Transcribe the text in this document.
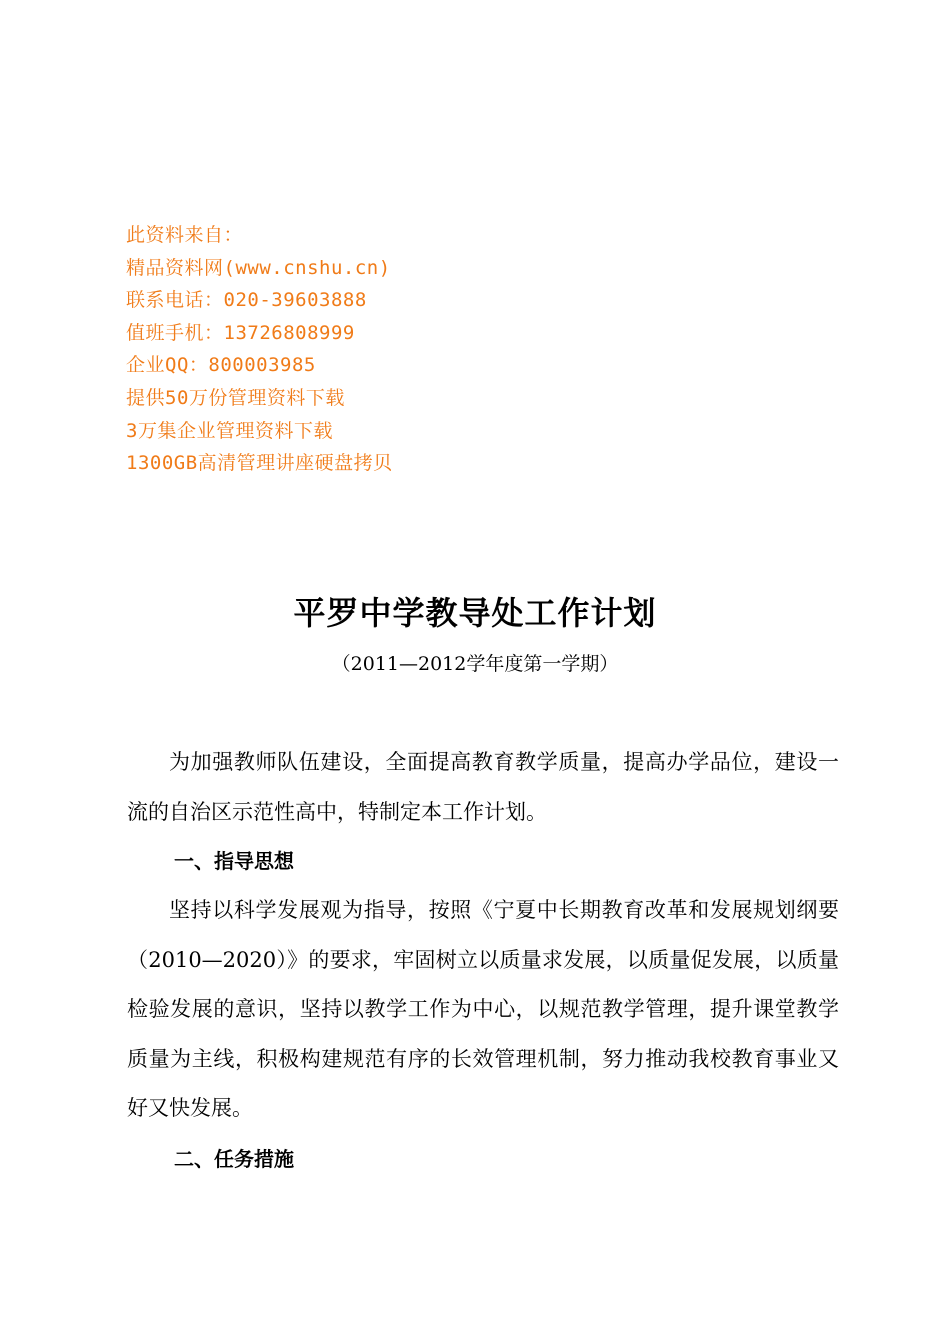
此资料来自：
精品资料网(www.cnshu.cn)
联系电话：020-39603888
值班手机：13726808999
企业QQ：800003985
提供50万份管理资料下载
3万集企业管理资料下载
1300GB高清管理讲座硬盘拷贝
平罗中学教导处工作计划
（2011—2012学年度第一学期）

为加强教师队伍建设，全面提高教育教学质量，提高办学品位，建设一流的自治区示范性高中，特制定本工作计划。

一、指导思想

坚持以科学发展观为指导，按照《宁夏中长期教育改革和发展规划纲要（2010—2020）》的要求，牢固树立以质量求发展，以质量促发展，以质量检验发展的意识，坚持以教学工作为中心，以规范教学管理，提升课堂教学质量为主线，积极构建规范有序的长效管理机制，努力推动我校教育事业又好又快发展。

二、任务措施
